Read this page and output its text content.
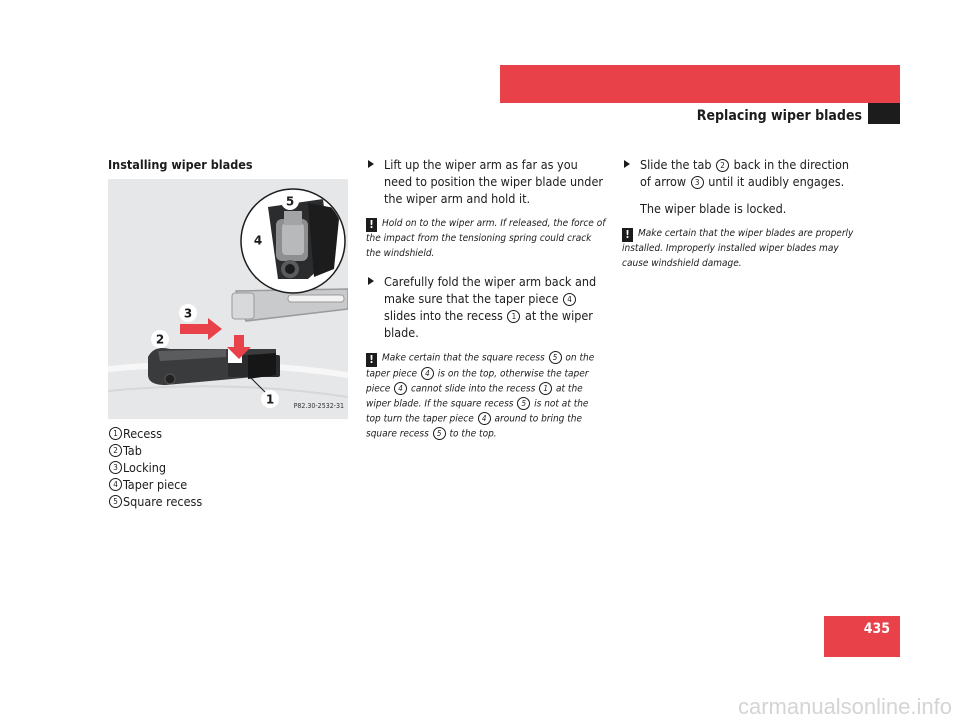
Practical hints
Replacing wiper blades
Installing wiper blades
1
2
3
4
5
P82.30-2532-31
1 Recess
2 Tab
3 Locking
4 Taper piece
5 Square recess

Lift up the wiper arm as far as you need to position the wiper blade under the wiper arm and hold it.

! Hold on to the wiper arm. If released, the force of the impact from the tensioning spring could crack the windshield.

Carefully fold the wiper arm back and make sure that the taper piece 4 slides into the recess 1 at the wiper blade.

! Make certain that the square recess 5 on the taper piece 4 is on the top, otherwise the taper piece 4 cannot slide into the recess 1 at the wiper blade. If the square recess 5 is not at the top turn the taper piece 4 around to bring the square recess 5 to the top.

Slide the tab 2 back in the direction of arrow 3 until it audibly engages.

The wiper blade is locked.

! Make certain that the wiper blades are properly installed. Improperly installed wiper blades may cause windshield damage.

435
carmanualsonline.info
